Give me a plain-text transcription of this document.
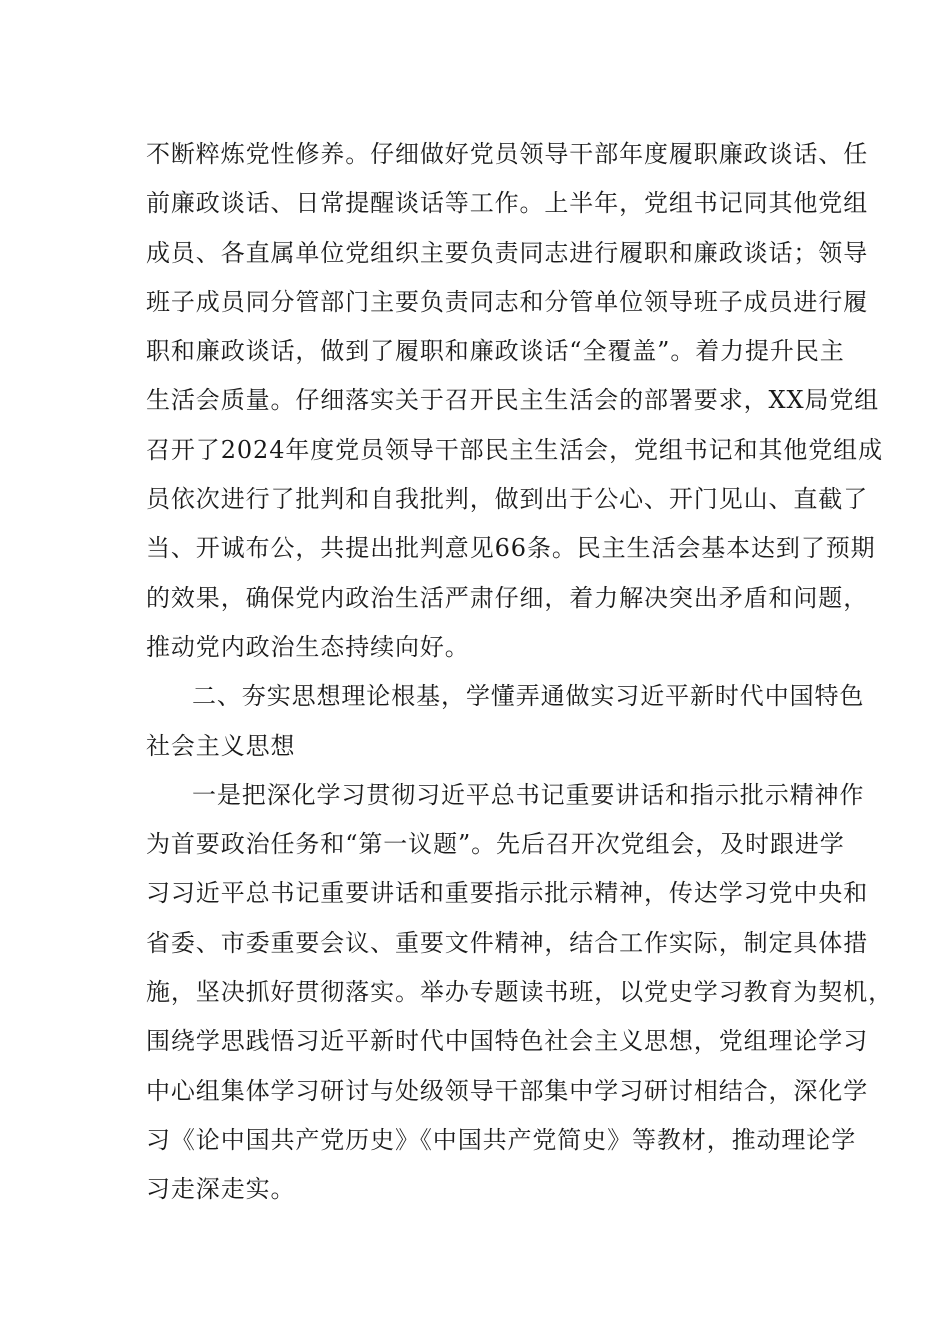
不断粹炼党性修养。仔细做好党员领导干部年度履职廉政谈话、任
前廉政谈话、日常提醒谈话等工作。上半年，党组书记同其他党组
成员、各直属单位党组织主要负责同志进行履职和廉政谈话；领导
班子成员同分管部门主要负责同志和分管单位领导班子成员进行履
职和廉政谈话，做到了履职和廉政谈话“全覆盖”。着力提升民主
生活会质量。仔细落实关于召开民主生活会的部署要求，XX局党组
召开了2024年度党员领导干部民主生活会，党组书记和其他党组成
员依次进行了批判和自我批判，做到出于公心、开门见山、直截了
当、开诚布公，共提出批判意见66条。民主生活会基本达到了预期
的效果，确保党内政治生活严肃仔细，着力解决突出矛盾和问题，
推动党内政治生态持续向好。
二、夯实思想理论根基，学懂弄通做实习近平新时代中国特色
社会主义思想
一是把深化学习贯彻习近平总书记重要讲话和指示批示精神作
为首要政治任务和“第一议题”。先后召开次党组会，及时跟进学
习习近平总书记重要讲话和重要指示批示精神，传达学习党中央和
省委、市委重要会议、重要文件精神，结合工作实际，制定具体措
施，坚决抓好贯彻落实。举办专题读书班，以党史学习教育为契机，
围绕学思践悟习近平新时代中国特色社会主义思想，党组理论学习
中心组集体学习研讨与处级领导干部集中学习研讨相结合，深化学
习《论中国共产党历史》《中国共产党简史》等教材，推动理论学
习走深走实。
